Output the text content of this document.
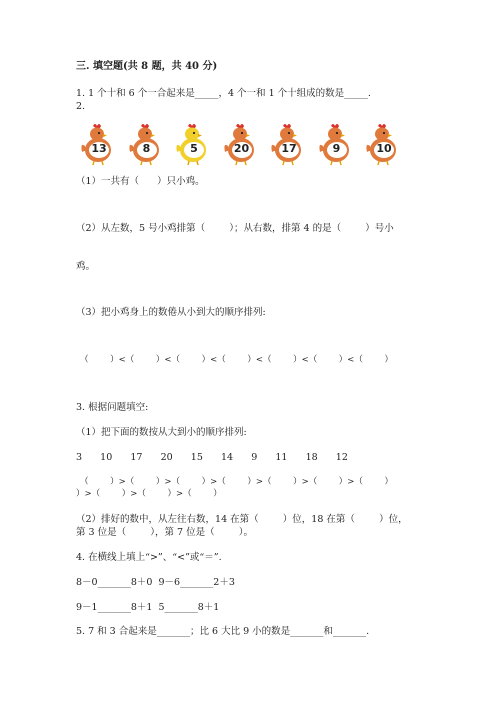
三. 填空题(共 8 题，共 40 分)
1. 1 个十和 6 个一合起来是_____，4 个一和 1 个十组成的数是_____.
2.
13	8	5	20	17	9	10
（1）一共有（      ）只小鸡。
（2）从左数，5 号小鸡排第（        ）；从右数，排第 4 的是（        ）号小
鸡。
（3）把小鸡身上的数倦从小到大的顺序排列:
（        ）<（        ）<（        ）<（        ）<（        ）<（        ）<（        ）
3. 根据问题填空:
（1）把下面的数按从大到小的顺序排列:
3      10      17      20      15      14      9      11      18      12
（        ）>（        ）>（        ）>（        ）>（        ）>（        ）>（        ）
）>（        ）>（        ）>（        ）
（2）排好的数中，从左往右数，14 在第（        ）位，18 在第（        ）位，
第 3 位是（        ），第 7 位是（        ）。
4. 在横线上填上“>”、“<”或“＝”.
8－0_______8＋0  9－6_______2＋3
9－1_______8＋1  5_______8＋1
5. 7 和 3 合起来是_______；比 6 大比 9 小的数是_______和_______.
